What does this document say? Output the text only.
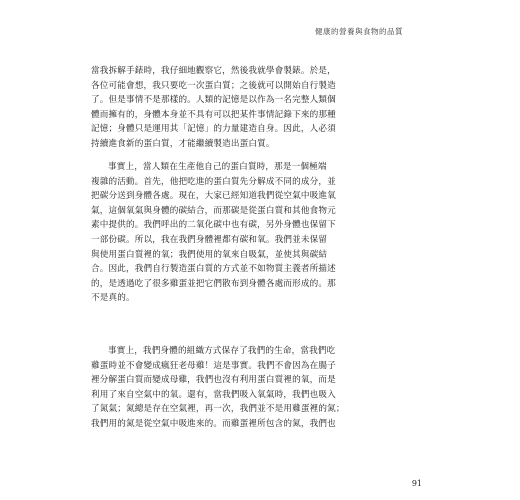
健康的營養與食物的品質
當我拆解手錶時，我仔細地觀察它，然後我就學會製錶。於是，
各位可能會想，我只要吃一次蛋白質；之後就可以開始自行製造
了。但是事情不是那樣的。人類的記憶是以作為一名完整人類個
體而擁有的，身體本身並不具有可以把某件事情記錄下來的那種
記憶；身體只是運用其「記憶」的力量建造自身。因此，人必須
持續進食新的蛋白質，才能繼續製造出蛋白質。
事實上，當人類在生產他自己的蛋白質時，那是一個極端
複雜的活動。首先，他把吃進的蛋白質先分解成不同的成分，並
把碳分送到身體各處。現在，大家已經知道我們從空氣中吸進氧
氣，這個氧氣與身體的碳結合，而那碳是從蛋白質和其他食物元
素中提供的。我們呼出的二氧化碳中也有碳，另外身體也保留下
一部份碳。所以，我在我們身體裡都有碳和氧。我們並未保留
與使用蛋白質裡的氧；我們使用的氧來自吸氣，並使其與碳結
合。因此，我們自行製造蛋白質的方式並不如物質主義者所描述
的，是透過吃了很多雞蛋並把它們散布到身體各處而形成的。那
不是真的。
事實上，我們身體的組織方式保存了我們的生命，當我們吃
雞蛋時並不會變成瘋狂老母雞！這是事實。我們不會因為在腸子
裡分解蛋白質而變成母雞，我們也沒有利用蛋白質裡的氧，而是
利用了來自空氣中的氧。還有，當我們吸入氧氣時，我們也吸入
了氮氣；氮總是存在空氣裡，再一次，我們並不是用雞蛋裡的氮；
我們用的氮是從空氣中吸進來的。而雞蛋裡所包含的氮，我們也
91
